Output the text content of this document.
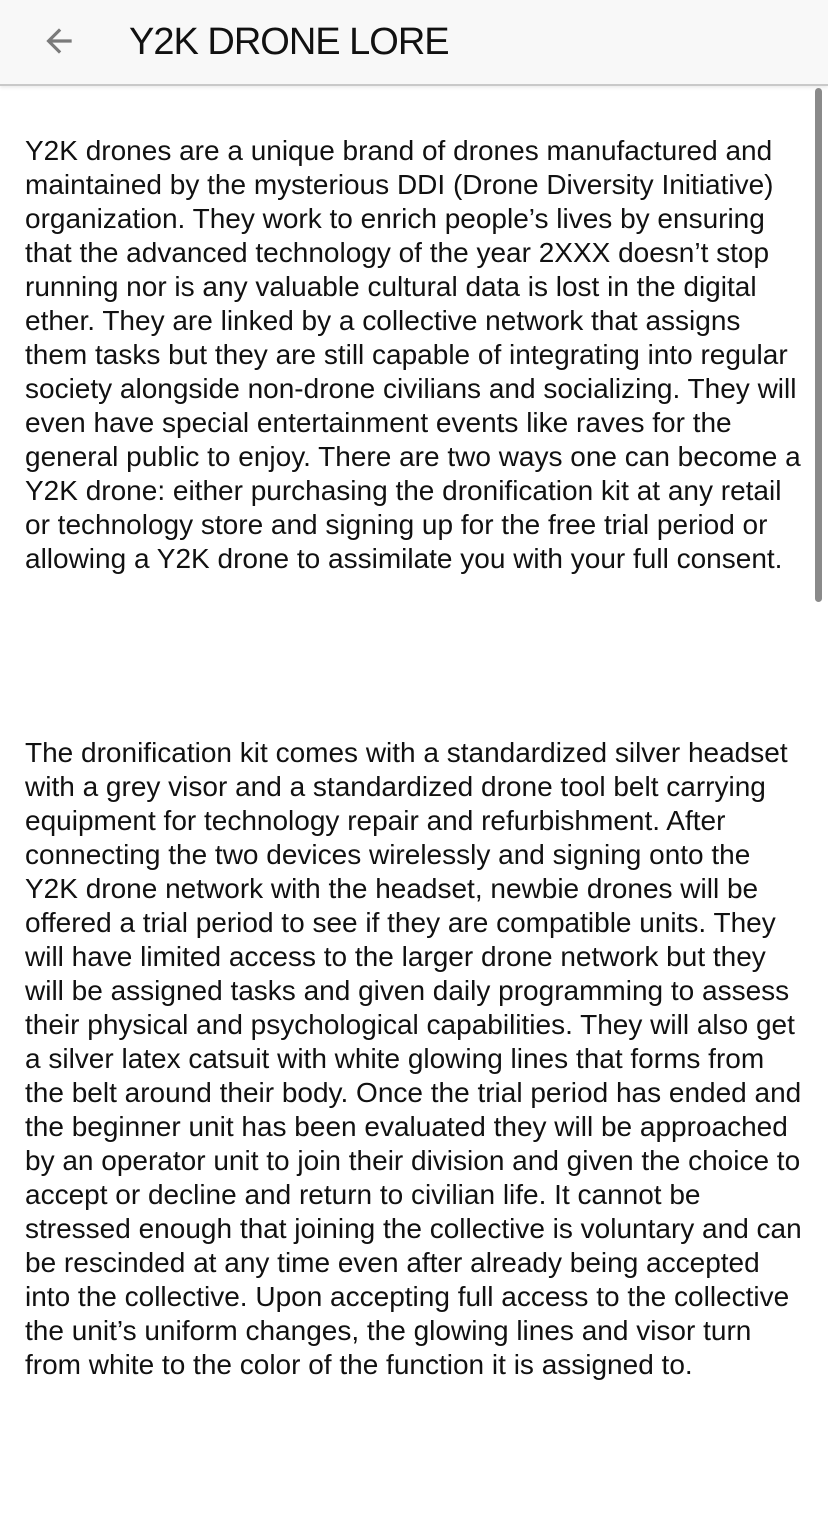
Y2K DRONE LORE

Y2K drones are a unique brand of drones manufactured and maintained by the mysterious DDI (Drone Diversity Initiative) organization. They work to enrich people’s lives by ensuring that the advanced technology of the year 2XXX doesn’t stop running nor is any valuable cultural data is lost in the digital ether. They are linked by a collective network that assigns them tasks but they are still capable of integrating into regular society alongside non-drone civilians and socializing. They will even have special entertainment events like raves for the general public to enjoy. There are two ways one can become a Y2K drone: either purchasing the dronification kit at any retail or technology store and signing up for the free trial period or allowing a Y2K drone to assimilate you with your full consent.

The dronification kit comes with a standardized silver headset with a grey visor and a standardized drone tool belt carrying equipment for technology repair and refurbishment. After connecting the two devices wirelessly and signing onto the Y2K drone network with the headset, newbie drones will be offered a trial period to see if they are compatible units. They will have limited access to the larger drone network but they will be assigned tasks and given daily programming to assess their physical and psychological capabilities. They will also get a silver latex catsuit with white glowing lines that forms from the belt around their body. Once the trial period has ended and the beginner unit has been evaluated they will be approached by an operator unit to join their division and given the choice to accept or decline and return to civilian life. It cannot be stressed enough that joining the collective is voluntary and can be rescinded at any time even after already being accepted into the collective. Upon accepting full access to the collective the unit’s uniform changes, the glowing lines and visor turn from white to the color of the function it is assigned to.
